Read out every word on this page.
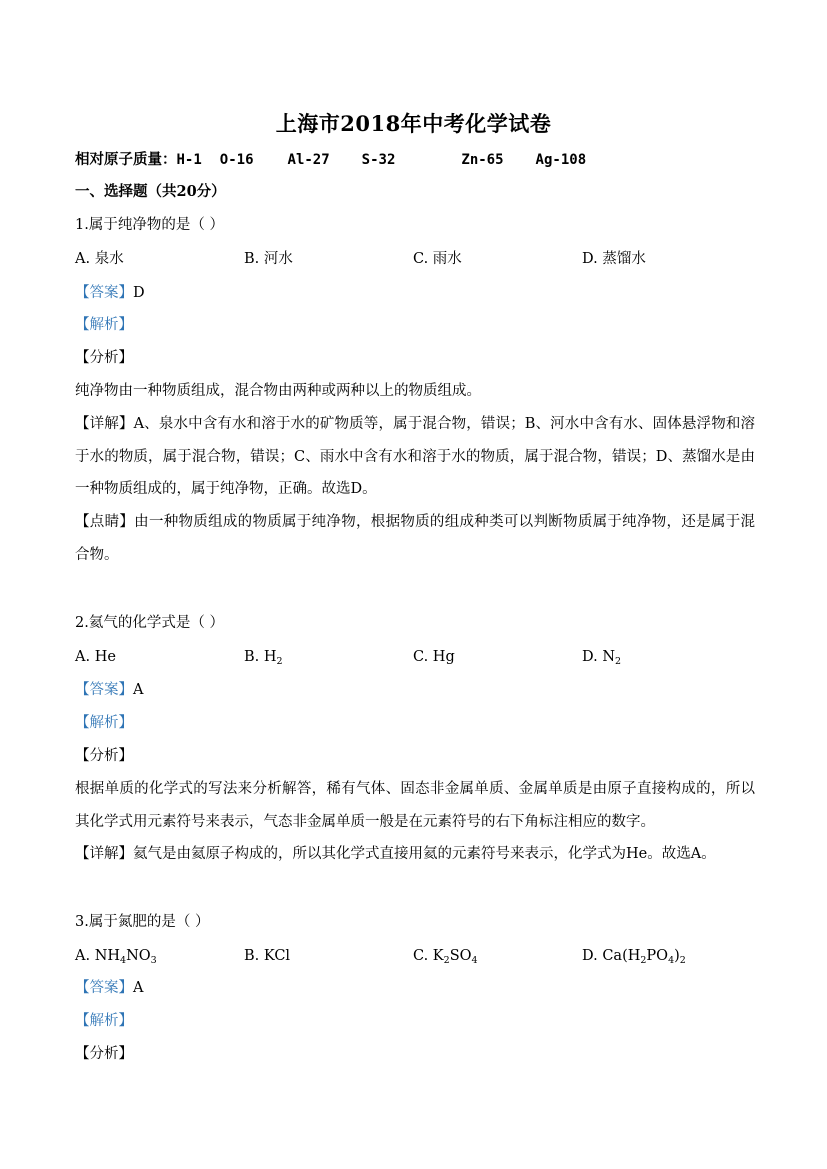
上海市2018年中考化学试卷
相对原子质量：H-1 O-16 Al-27 S-32	Zn-65 Ag-108
一、选择题（共20分）
1.属于纯净物的是（ ）
A. 泉水	B. 河水	C. 雨水	D. 蒸馏水
【答案】D
【解析】
【分析】
纯净物由一种物质组成，混合物由两种或两种以上的物质组成。
【详解】A、泉水中含有水和溶于水的矿物质等，属于混合物，错误；B、河水中含有水、固体悬浮物和溶于水的物质，属于混合物，错误；C、雨水中含有水和溶于水的物质，属于混合物，错误；D、蒸馏水是由一种物质组成的，属于纯净物，正确。故选D。
【点睛】由一种物质组成的物质属于纯净物，根据物质的组成种类可以判断物质属于纯净物，还是属于混合物。
2.氦气的化学式是（ ）
A. He	B. $H_2$	C. Hg	D. $N_2$
【答案】A
【解析】
【分析】
根据单质的化学式的写法来分析解答，稀有气体、固态非金属单质、金属单质是由原子直接构成的，所以其化学式用元素符号来表示，气态非金属单质一般是在元素符号的右下角标注相应的数字。
【详解】氦气是由氦原子构成的，所以其化学式直接用氦的元素符号来表示，化学式为He。故选A。
3.属于氮肥的是（ ）
A. $NH_4NO_3$	B. KCl	C. $K_2SO_4$	D. $Ca(H_2PO_4)_2$
【答案】A
【解析】
【分析】
